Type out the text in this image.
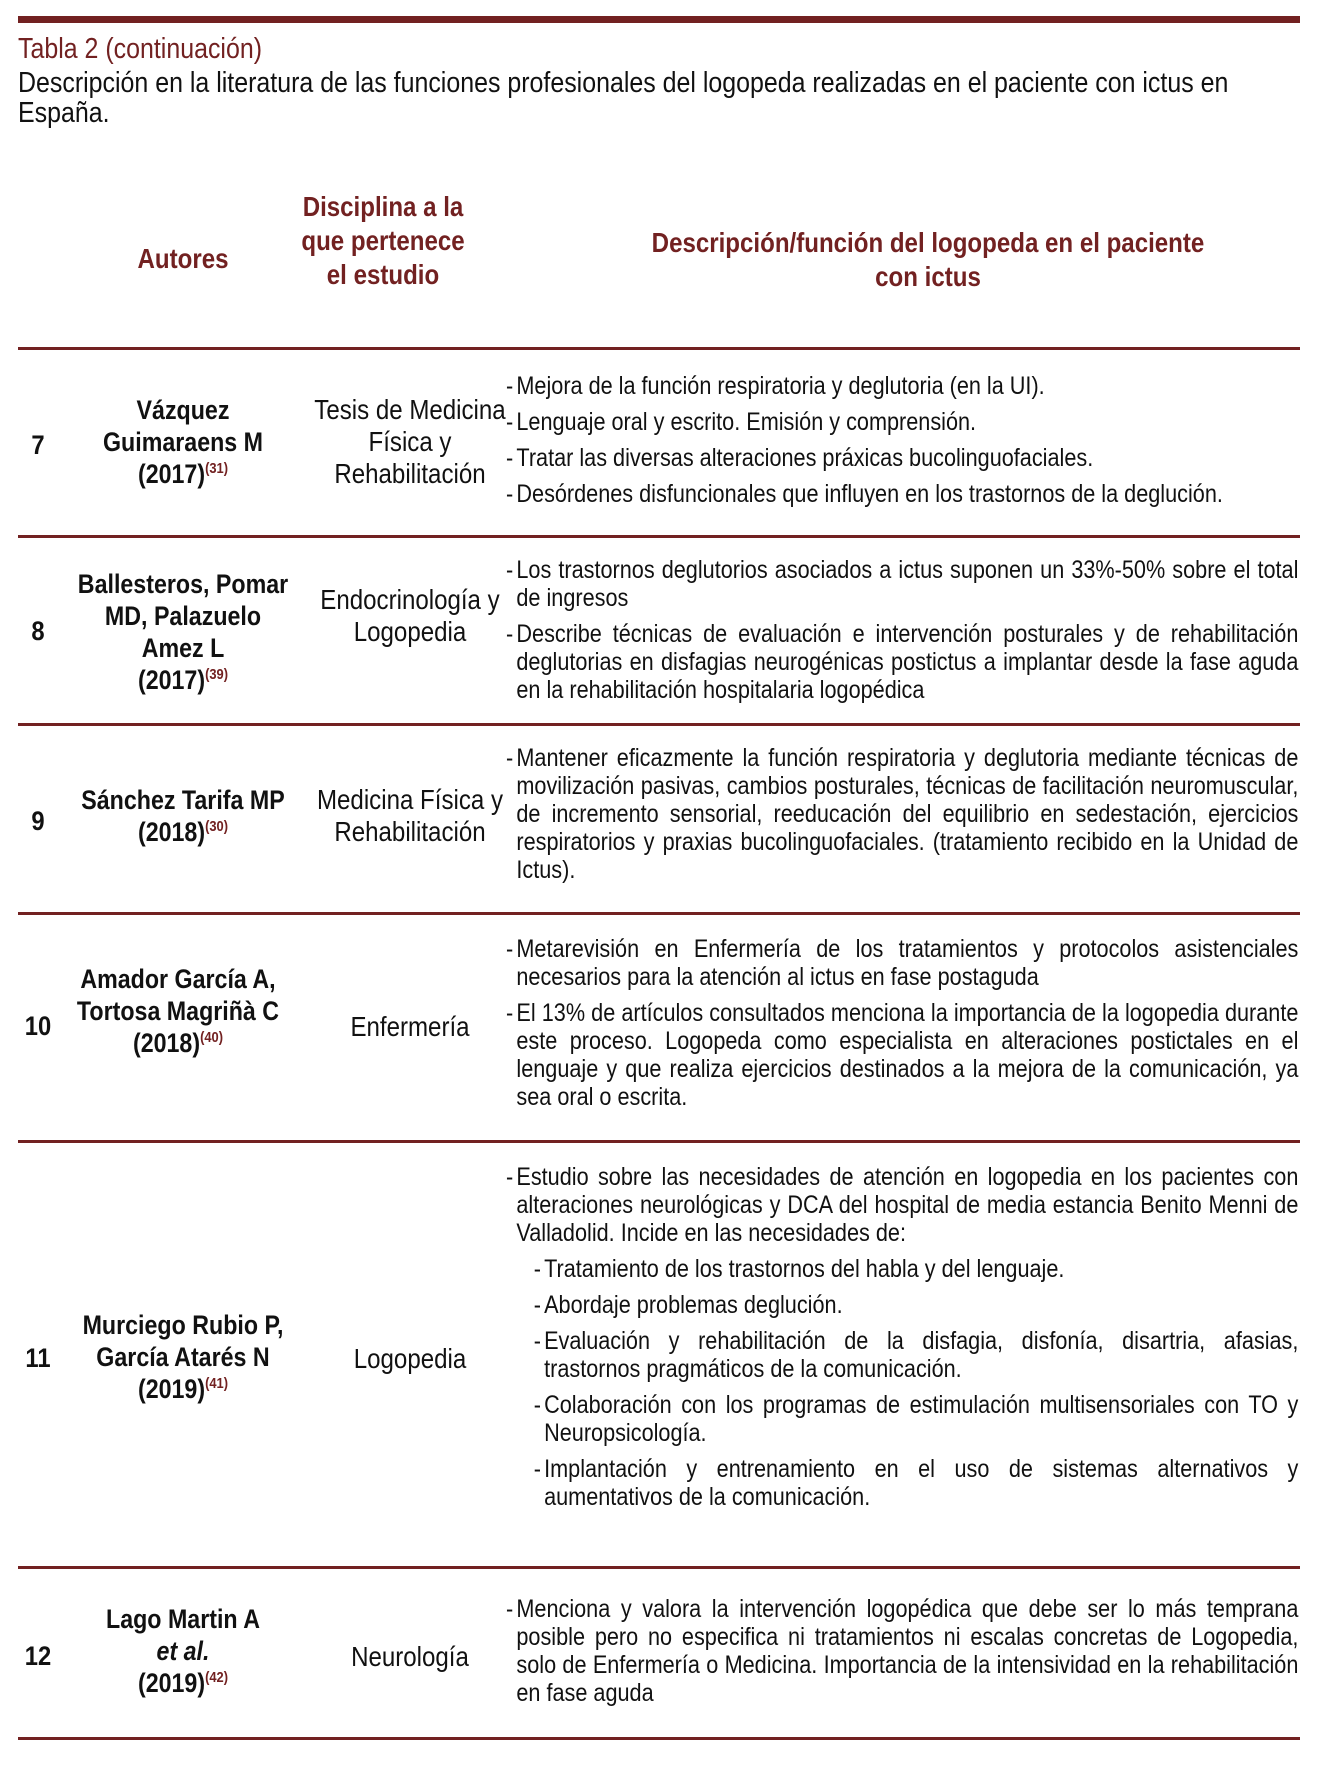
Tabla 2 (continuación)
Descripción en la literatura de las funciones profesionales del logopeda realizadas en el paciente con ictus en España.
Autores
Disciplina a la que pertenece el estudio
Descripción/función del logopeda en el paciente con ictus
7
Vázquez Guimaraens M
$(2017)^{(31)}$
Tesis de Medicina Física y Rehabilitación
- Mejora de la función respiratoria y deglutoria (en la UI).
- Lenguaje oral y escrito. Emisión y comprensión.
- Tratar las diversas alteraciones práxicas bucolinguofaciales.
- Desórdenes disfuncionales que influyen en los trastornos de la deglución.
8
Ballesteros, Pomar MD, Palazuelo Amez L
$(2017)^{(39)}$
Endocrinología y Logopedia
- Los trastornos deglutorios asociados a ictus suponen un 33%-50% sobre el total de ingresos
- Describe técnicas de evaluación e intervención posturales y de rehabilitación deglutorias en disfagias neurogénicas postictus a implantar desde la fase aguda en la rehabilitación hospitalaria logopédica
9
Sánchez Tarifa MP
$(2018)^{(30)}$
Medicina Física y Rehabilitación
- Mantener eficazmente la función respiratoria y deglutoria mediante técnicas de movilización pasivas, cambios posturales, técnicas de facilitación neuromuscular, de incremento sensorial, reeducación del equilibrio en sedestación, ejercicios respiratorios y praxias bucolinguofaciales. (tratamiento recibido en la Unidad de Ictus).
10
Amador García A, Tortosa Magriñà C
$(2018)^{(40)}$	Enfermería
- Metarevisión en Enfermería de los tratamientos y protocolos asistenciales necesarios para la atención al ictus en fase postaguda
- El 13% de artículos consultados menciona la importancia de la logopedia durante este proceso. Logopeda como especialista en alteraciones postictales en el lenguaje y que realiza ejercicios destinados a la mejora de la comunicación, ya sea oral o escrita.
11
Murciego Rubio P, García Atarés N
$(2019)^{(41)}$
Logopedia
- Estudio sobre las necesidades de atención en logopedia en los pacientes con alteraciones neurológicas y DCA del hospital de media estancia Benito Menni de Valladolid. Incide en las necesidades de:
- Tratamiento de los trastornos del habla y del lenguaje.
- Abordaje problemas deglución.
- Evaluación y rehabilitación de la disfagia, disfonía, disartria, afasias, trastornos pragmáticos de la comunicación.
- Colaboración con los programas de estimulación multisensoriales con TO y Neuropsicología.
- Implantación y entrenamiento en el uso de sistemas alternativos y aumentativos de la comunicación.
12
Lago Martin A
et al.
$(2019)^{(42)}$
Neurología
- Menciona y valora la intervención logopédica que debe ser lo más temprana posible pero no especifica ni tratamientos ni escalas concretas de Logopedia, solo de Enfermería o Medicina. Importancia de la intensividad en la rehabilitación en fase aguda
